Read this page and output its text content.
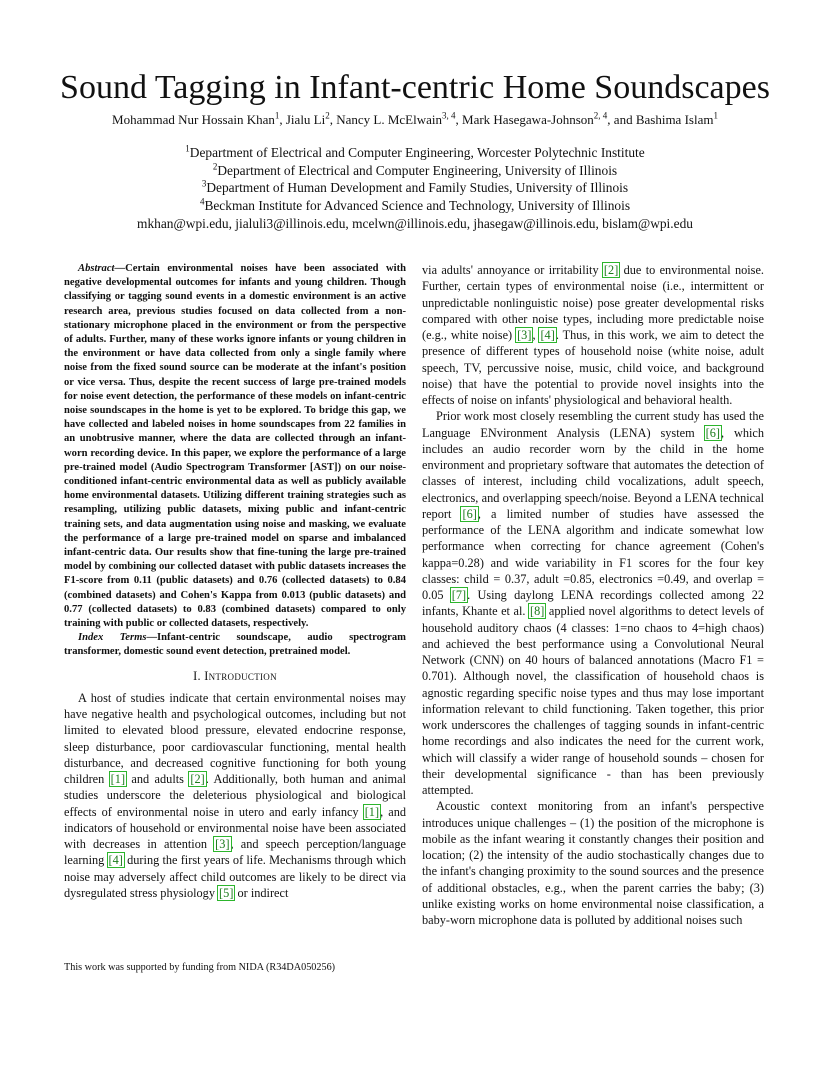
Sound Tagging in Infant-centric Home Soundscapes
Mohammad Nur Hossain Khan$^1$, Jialu Li$^2$, Nancy L. McElwain$^{3, 4}$, Mark Hasegawa-Johnson$^{2, 4}$, and Bashima Islam$^1$
$^1$Department of Electrical and Computer Engineering, Worcester Polytechnic Institute
$^2$Department of Electrical and Computer Engineering, University of Illinois
$^3$Department of Human Development and Family Studies, University of Illinois
$^4$Beckman Institute for Advanced Science and Technology, University of Illinois
mkhan@wpi.edu, jialuli3@illinois.edu, mcelwn@illinois.edu, jhasegaw@illinois.edu, bislam@wpi.edu

Abstract—Certain environmental noises have been associated with negative developmental outcomes for infants and young children. Though classifying or tagging sound events in a domestic environment is an active research area, previous studies focused on data collected from a non-stationary microphone placed in the environment or from the perspective of adults. Further, many of these works ignore infants or young children in the environment or have data collected from only a single family where noise from the fixed sound source can be moderate at the infant's position or vice versa. Thus, despite the recent success of large pre-trained models for noise event detection, the performance of these models on infant-centric noise soundscapes in the home is yet to be explored. To bridge this gap, we have collected and labeled noises in home soundscapes from 22 families in an unobtrusive manner, where the data are collected through an infant-worn recording device. In this paper, we explore the performance of a large pre-trained model (Audio Spectrogram Transformer [AST]) on our noise-conditioned infant-centric environmental data as well as publicly available home environmental datasets. Utilizing different training strategies such as resampling, utilizing public datasets, mixing public and infant-centric training sets, and data augmentation using noise and masking, we evaluate the performance of a large pre-trained model on sparse and imbalanced infant-centric data. Our results show that fine-tuning the large pre-trained model by combining our collected dataset with public datasets increases the F1-score from 0.11 (public datasets) and 0.76 (collected datasets) to 0.84 (combined datasets) and Cohen's Kappa from 0.013 (public datasets) and 0.77 (collected datasets) to 0.83 (combined datasets) compared to only training with public or collected datasets, respectively.

Index Terms—Infant-centric soundscape, audio spectrogram transformer, domestic sound event detection, pretrained model.

I. Introduction

A host of studies indicate that certain environmental noises may have negative health and psychological outcomes, including but not limited to elevated blood pressure, elevated endocrine response, sleep disturbance, poor cardiovascular functioning, mental health disturbance, and decreased cognitive functioning for both young children [1] and adults [2]. Additionally, both human and animal studies underscore the deleterious physiological and biological effects of environmental noise in utero and early infancy [1], and indicators of household or environmental noise have been associated with decreases in attention [3], and speech perception/language learning [4] during the first years of life. Mechanisms through which noise may adversely affect child outcomes are likely to be direct via dysregulated stress physiology [5] or indirect

via adults' annoyance or irritability [2] due to environmental noise. Further, certain types of environmental noise (i.e., intermittent or unpredictable nonlinguistic noise) pose greater developmental risks compared with other noise types, including more predictable noise (e.g., white noise) [3], [4]. Thus, in this work, we aim to detect the presence of different types of household noise (white noise, adult speech, TV, percussive noise, music, child voice, and background noise) that have the potential to provide novel insights into the effects of noise on infants' physiological and behavioral health.

Prior work most closely resembling the current study has used the Language ENvironment Analysis (LENA) system [6], which includes an audio recorder worn by the child in the home environment and proprietary software that automates the detection of classes of interest, including child vocalizations, adult speech, electronics, and overlapping speech/noise. Beyond a LENA technical report [6], a limited number of studies have assessed the performance of the LENA algorithm and indicate somewhat low performance when correcting for chance agreement (Cohen's kappa=0.28) and wide variability in F1 scores for the four key classes: child = 0.37, adult =0.85, electronics =0.49, and overlap = 0.05 [7]. Using daylong LENA recordings collected among 22 infants, Khante et al. [8] applied novel algorithms to detect levels of household auditory chaos (4 classes: 1=no chaos to 4=high chaos) and achieved the best performance using a Convolutional Neural Network (CNN) on 40 hours of balanced annotations (Macro F1 = 0.701). Although novel, the classification of household chaos is agnostic regarding specific noise types and thus may lose important information relevant to child functioning. Taken together, this prior work underscores the challenges of tagging sounds in infant-centric home recordings and also indicates the need for the current work, which will classify a wider range of household sounds – chosen for their developmental significance - than has been previously attempted.

Acoustic context monitoring from an infant's perspective introduces unique challenges – (1) the position of the microphone is mobile as the infant wearing it constantly changes their position and location; (2) the intensity of the audio stochastically changes due to the infant's changing proximity to the sound sources and the presence of additional obstacles, e.g., when the parent carries the baby; (3) unlike existing works on home environmental noise classification, a baby-worn microphone data is polluted by additional noises such

This work was supported by funding from NIDA (R34DA050256)
